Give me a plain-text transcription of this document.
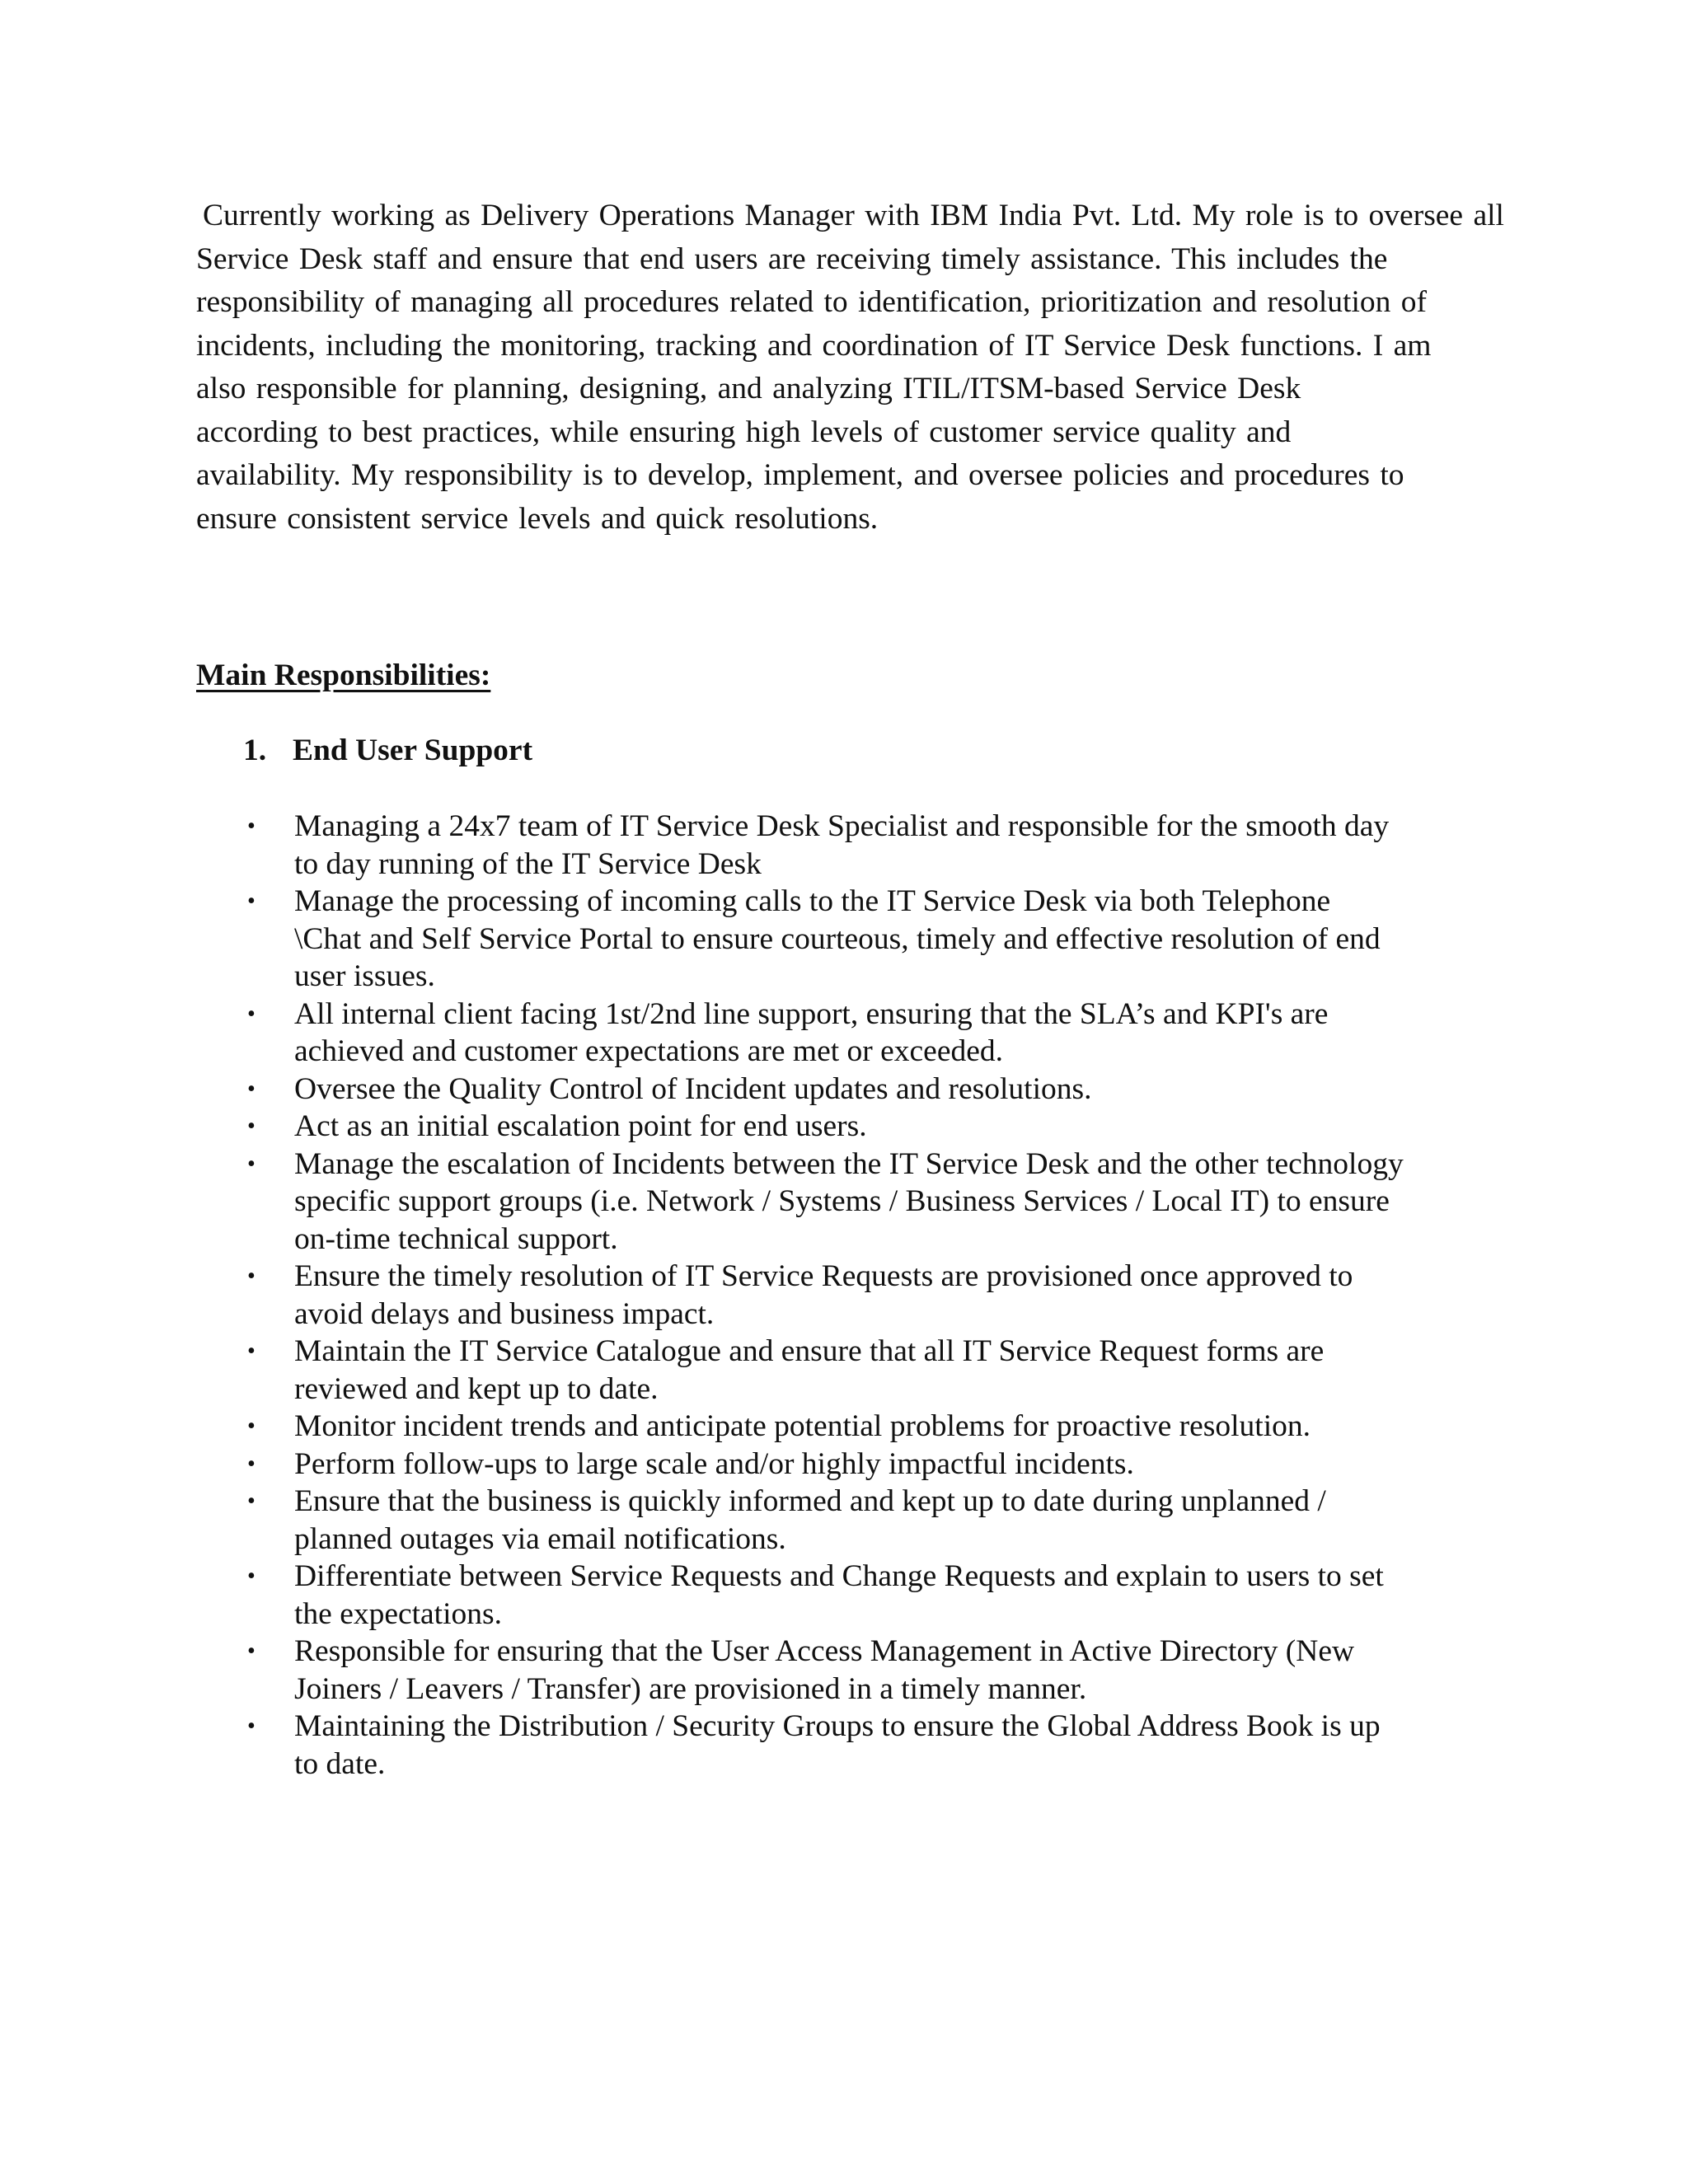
Currently working as Delivery Operations Manager with IBM India Pvt. Ltd. My role is to oversee all
Service Desk staff and ensure that end users are receiving timely assistance. This includes the
responsibility of managing all procedures related to identification, prioritization and resolution of
incidents, including the monitoring, tracking and coordination of IT Service Desk functions. I am
also responsible for planning, designing, and analyzing ITIL/ITSM-based Service Desk
according to best practices, while ensuring high levels of customer service quality and
availability. My responsibility is to develop, implement, and oversee policies and procedures to
ensure consistent service levels and quick resolutions.

Main Responsibilities:
1. End User Support
• Managing a 24x7 team of IT Service Desk Specialist and responsible for the smooth day
to day running of the IT Service Desk
• Manage the processing of incoming calls to the IT Service Desk via both Telephone
\Chat and Self Service Portal to ensure courteous, timely and effective resolution of end
user issues.
• All internal client facing 1st/2nd line support, ensuring that the SLA’s and KPI's are
achieved and customer expectations are met or exceeded.
• Oversee the Quality Control of Incident updates and resolutions.
• Act as an initial escalation point for end users.
• Manage the escalation of Incidents between the IT Service Desk and the other technology
specific support groups (i.e. Network / Systems / Business Services / Local IT) to ensure
on-time technical support.
• Ensure the timely resolution of IT Service Requests are provisioned once approved to
avoid delays and business impact.
• Maintain the IT Service Catalogue and ensure that all IT Service Request forms are
reviewed and kept up to date.
• Monitor incident trends and anticipate potential problems for proactive resolution.
• Perform follow-ups to large scale and/or highly impactful incidents.
• Ensure that the business is quickly informed and kept up to date during unplanned /
planned outages via email notifications.
• Differentiate between Service Requests and Change Requests and explain to users to set
the expectations.
• Responsible for ensuring that the User Access Management in Active Directory (New
Joiners / Leavers / Transfer) are provisioned in a timely manner.
• Maintaining the Distribution / Security Groups to ensure the Global Address Book is up
to date.
